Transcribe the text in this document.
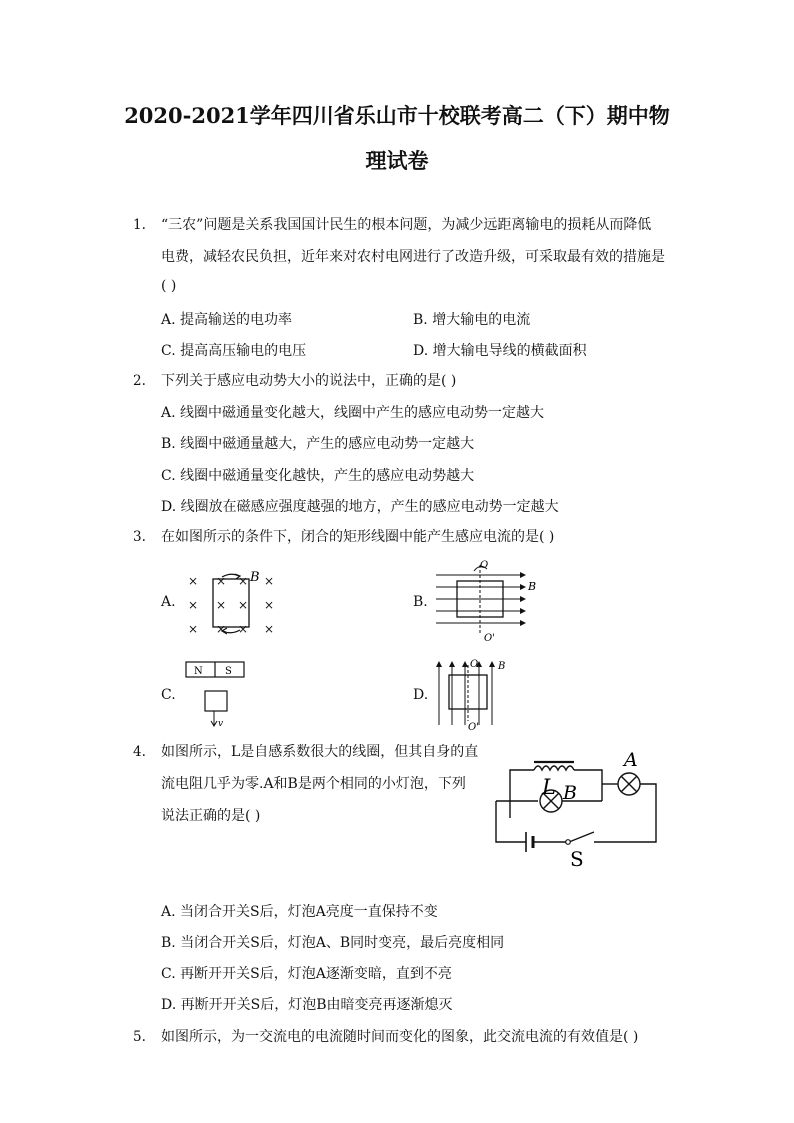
2020-2021学年四川省乐山市十校联考高二（下）期中物
理试卷
1. “三农”问题是关系我国国计民生的根本问题，为减少远距离输电的损耗从而降低
电费，减轻农民负担，近年来对农村电网进行了改造升级，可采取最有效的措施是
( )
A. 提高输送的电功率	B. 增大输电的电流
C. 提高高压输电的电压	D. 增大输电导线的横截面积
2. 下列关于感应电动势大小的说法中，正确的是( )
A. 线圈中磁通量变化越大，线圈中产生的感应电动势一定越大
B. 线圈中磁通量越大，产生的感应电动势一定越大
C. 线圈中磁通量变化越快，产生的感应电动势越大
D. 线圈放在磁感应强度越强的地方，产生的感应电动势一定越大
3. 在如图所示的条件下，闭合的矩形线圈中能产生感应电流的是( )
A.	B.
C.	D.
× × × ×
× × × ×
× × × ×
B
O
O'
B
N S
v
O
O'
B
4. 如图所示，L是自感系数很大的线圈，但其自身的直
流电阻几乎为零.A和B是两个相同的小灯泡，下列
说法正确的是( )
L
A
B
S
A. 当闭合开关S后，灯泡A亮度一直保持不变
B. 当闭合开关S后，灯泡A、B同时变亮，最后亮度相同
C. 再断开开关S后，灯泡A逐渐变暗，直到不亮
D. 再断开开关S后，灯泡B由暗变亮再逐渐熄灭
5. 如图所示，为一交流电的电流随时间而变化的图象，此交流电流的有效值是( )
